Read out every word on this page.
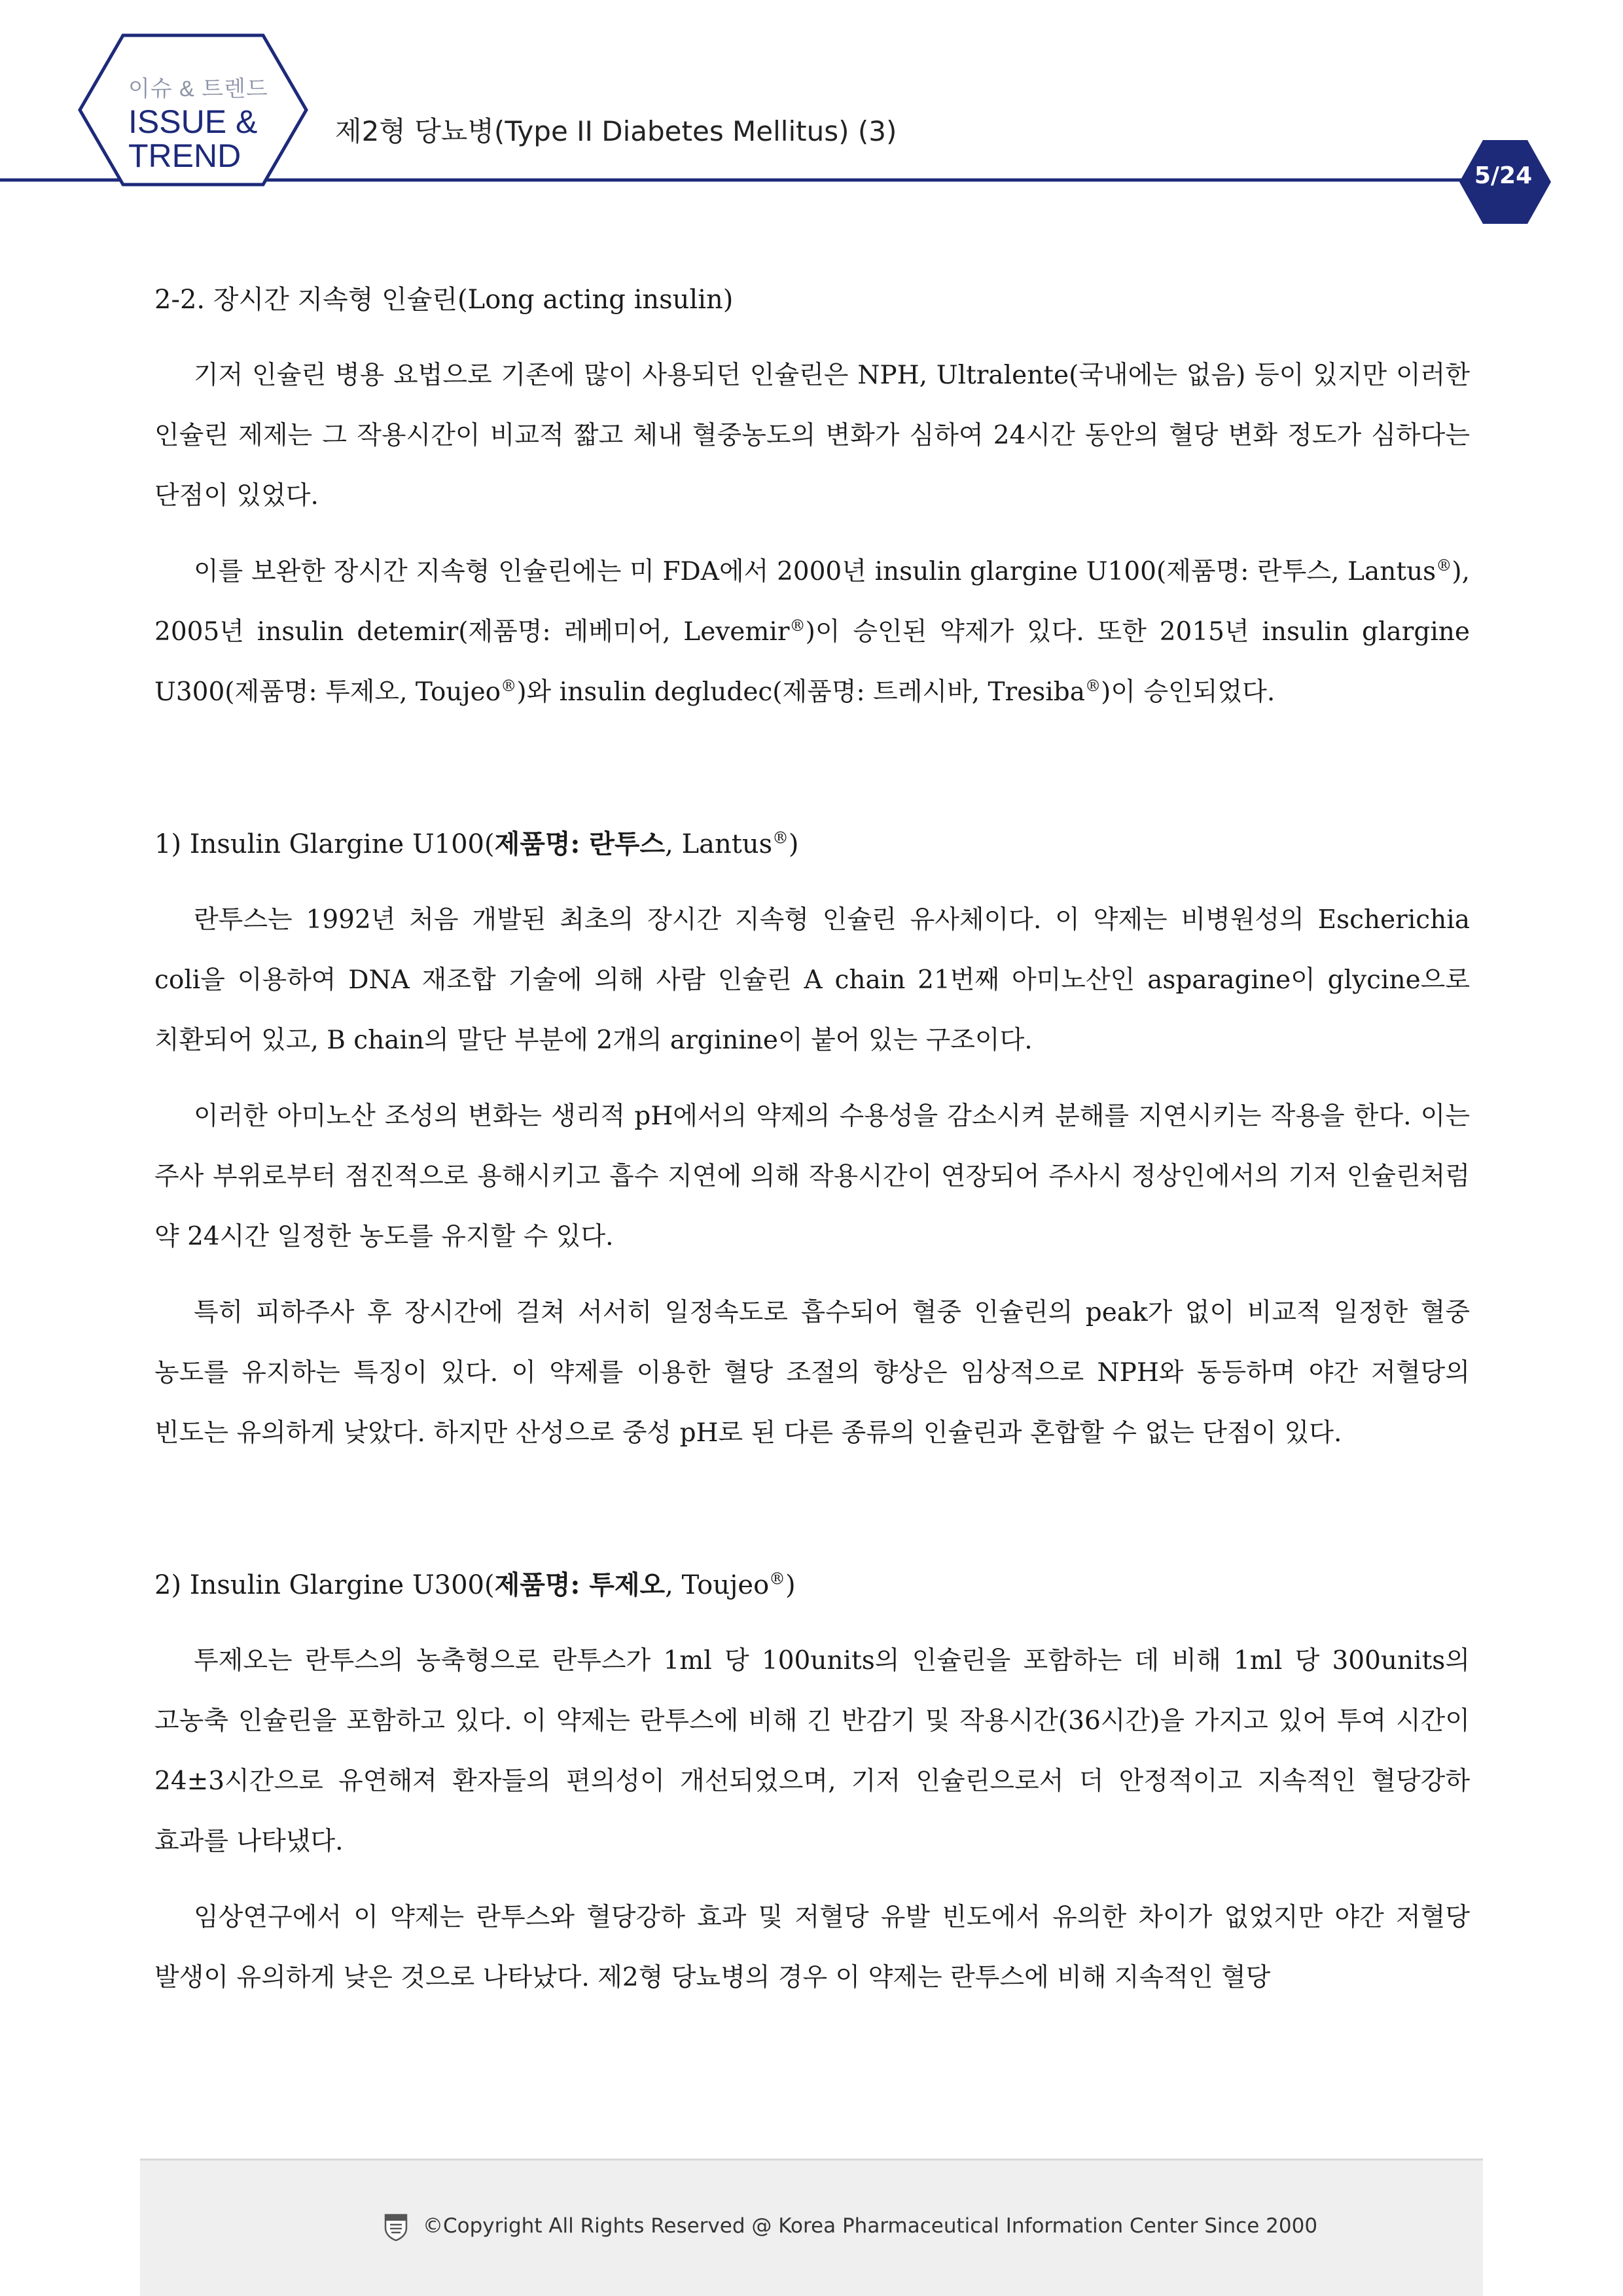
이슈 & 트렌드
ISSUE &
TREND
제2형 당뇨병(Type II Diabetes Mellitus) (3)
5/24

2-2. 장시간 지속형 인슐린(Long acting insulin)

기저 인슐린 병용 요법으로 기존에 많이 사용되던 인슐린은 NPH, Ultralente(국내에는 없음) 등이 있지만 이러한 인슐린 제제는 그 작용시간이 비교적 짧고 체내 혈중농도의 변화가 심하여 24시간 동안의 혈당 변화 정도가 심하다는 단점이 있었다.

이를 보완한 장시간 지속형 인슐린에는 미 FDA에서 2000년 insulin glargine U100(제품명: 란투스, Lantus®), 2005년 insulin detemir(제품명: 레베미어, Levemir®)이 승인된 약제가 있다. 또한 2015년 insulin glargine U300(제품명: 투제오, Toujeo®)와 insulin degludec(제품명: 트레시바, Tresiba®)이 승인되었다.

1) Insulin Glargine U100(제품명: 란투스, Lantus®)

란투스는 1992년 처음 개발된 최초의 장시간 지속형 인슐린 유사체이다. 이 약제는 비병원성의 Escherichia coli을 이용하여 DNA 재조합 기술에 의해 사람 인슐린 A chain 21번째 아미노산인 asparagine이 glycine으로 치환되어 있고, B chain의 말단 부분에 2개의 arginine이 붙어 있는 구조이다.

이러한 아미노산 조성의 변화는 생리적 pH에서의 약제의 수용성을 감소시켜 분해를 지연시키는 작용을 한다. 이는 주사 부위로부터 점진적으로 용해시키고 흡수 지연에 의해 작용시간이 연장되어 주사시 정상인에서의 기저 인슐린처럼 약 24시간 일정한 농도를 유지할 수 있다.

특히 피하주사 후 장시간에 걸쳐 서서히 일정속도로 흡수되어 혈중 인슐린의 peak가 없이 비교적 일정한 혈중 농도를 유지하는 특징이 있다. 이 약제를 이용한 혈당 조절의 향상은 임상적으로 NPH와 동등하며 야간 저혈당의 빈도는 유의하게 낮았다. 하지만 산성으로 중성 pH로 된 다른 종류의 인슐린과 혼합할 수 없는 단점이 있다.

2) Insulin Glargine U300(제품명: 투제오, Toujeo®)

투제오는 란투스의 농축형으로 란투스가 1ml 당 100units의 인슐린을 포함하는 데 비해 1ml 당 300units의 고농축 인슐린을 포함하고 있다. 이 약제는 란투스에 비해 긴 반감기 및 작용시간(36시간)을 가지고 있어 투여 시간이 24±3시간으로 유연해져 환자들의 편의성이 개선되었으며, 기저 인슐린으로서 더 안정적이고 지속적인 혈당강하 효과를 나타냈다.

임상연구에서 이 약제는 란투스와 혈당강하 효과 및 저혈당 유발 빈도에서 유의한 차이가 없었지만 야간 저혈당 발생이 유의하게 낮은 것으로 나타났다. 제2형 당뇨병의 경우 이 약제는 란투스에 비해 지속적인 혈당

©Copyright All Rights Reserved @ Korea Pharmaceutical Information Center Since 2000
